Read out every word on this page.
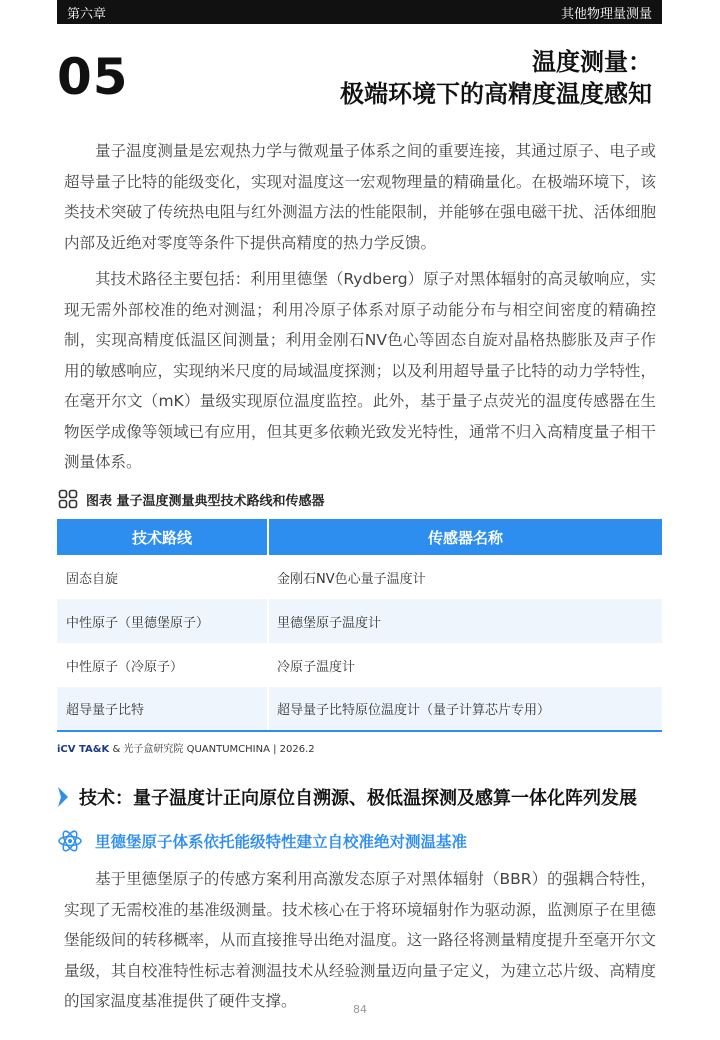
第六章	其他物理量测量
05	温度测量：
极端环境下的高精度温度感知

量子温度测量是宏观热力学与微观量子体系之间的重要连接，其通过原子、电子或超导量子比特的能级变化，实现对温度这一宏观物理量的精确量化。在极端环境下，该类技术突破了传统热电阻与红外测温方法的性能限制，并能够在强电磁干扰、活体细胞内部及近绝对零度等条件下提供高精度的热力学反馈。

其技术路径主要包括：利用里德堡（Rydberg）原子对黑体辐射的高灵敏响应，实现无需外部校准的绝对测温；利用冷原子体系对原子动能分布与相空间密度的精确控制，实现高精度低温区间测量；利用金刚石NV色心等固态自旋对晶格热膨胀及声子作用的敏感响应，实现纳米尺度的局域温度探测；以及利用超导量子比特的动力学特性，在毫开尔文（mK）量级实现原位温度监控。此外，基于量子点荧光的温度传感器在生物医学成像等领域已有应用，但其更多依赖光致发光特性，通常不归入高精度量子相干测量体系。

图表 量子温度测量典型技术路线和传感器
技术路线	传感器名称
固态自旋	金刚石NV色心量子温度计
中性原子（里德堡原子）	里德堡原子温度计
中性原子（冷原子）	冷原子温度计
超导量子比特	超导量子比特原位温度计（量子计算芯片专用）
iCV TA&K & 光子盒研究院 QUANTUMCHINA | 2026.2
技术：量子温度计正向原位自溯源、极低温探测及感算一体化阵列发展
里德堡原子体系依托能级特性建立自校准绝对测温基准

基于里德堡原子的传感方案利用高激发态原子对黑体辐射（BBR）的强耦合特性，实现了无需校准的基准级测量。技术核心在于将环境辐射作为驱动源，监测原子在里德堡能级间的转移概率，从而直接推导出绝对温度。这一路径将测量精度提升至毫开尔文量级，其自校准特性标志着测温技术从经验测量迈向量子定义，为建立芯片级、高精度的国家温度基准提供了硬件支撑。	84
